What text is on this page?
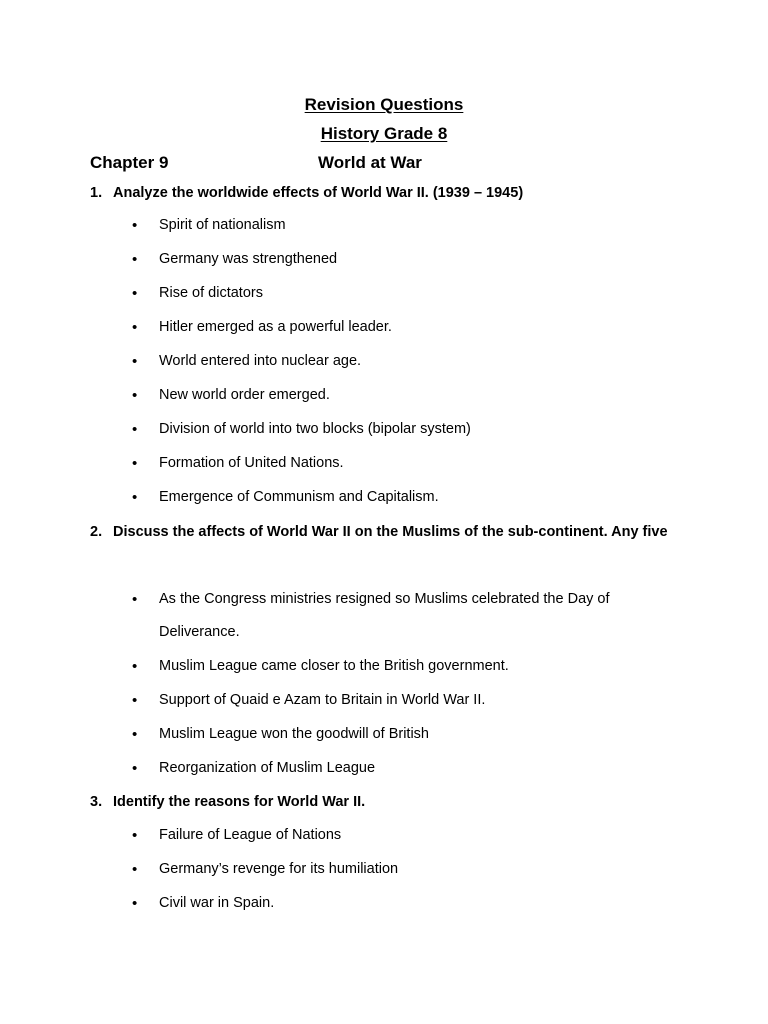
Revision Questions
History Grade 8
Chapter 9	World at War
1. Analyze the worldwide effects of World War II. (1939 – 1945)
• Spirit of nationalism
• Germany was strengthened
• Rise of dictators
• Hitler emerged as a powerful leader.
• World entered into nuclear age.
• New world order emerged.
• Division of world into two blocks (bipolar system)
• Formation of United Nations.
• Emergence of Communism and Capitalism.
2. Discuss the affects of World War II on the Muslims of the sub-continent. Any five
• As the Congress ministries resigned so Muslims celebrated the Day of Deliverance.
• Muslim League came closer to the British government.
• Support of Quaid e Azam to Britain in World War II.
• Muslim League won the goodwill of British
• Reorganization of Muslim League
3. Identify the reasons for World War II.
• Failure of League of Nations
• Germany’s revenge for its humiliation
• Civil war in Spain.
